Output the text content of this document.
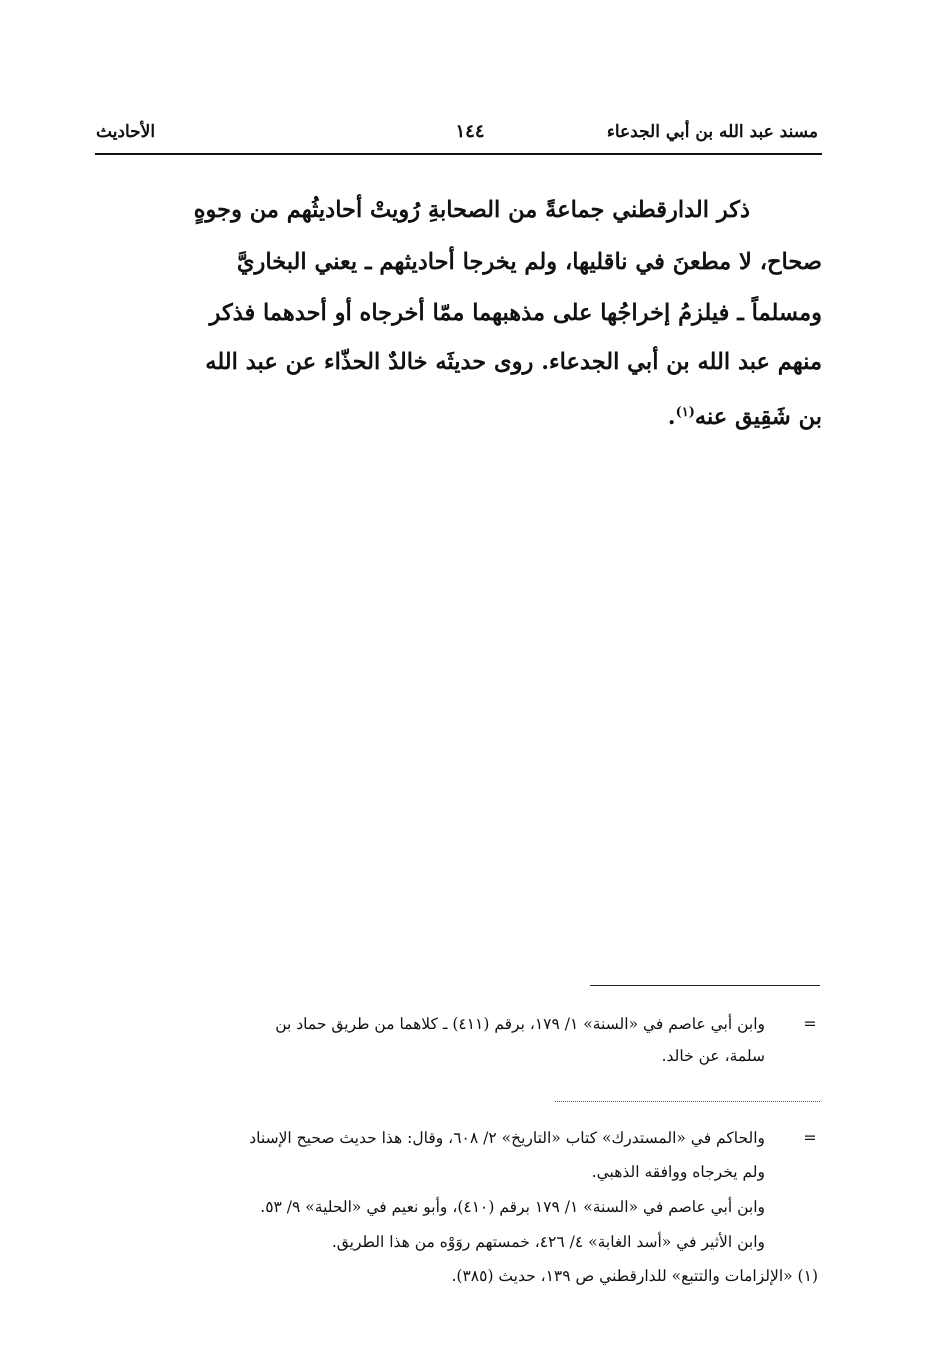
مسند عبد الله بن أبي الجدعاء
١٤٤
الأحاديث
ذكر الدارقطني جماعةً من الصحابةِ رُويتْ أحاديثُهم من وجوهٍ
صحاح، لا مطعنَ في ناقليها، ولم يخرجا أحاديثهم ـ يعني البخاريَّ
ومسلماً ـ فيلزمُ إخراجُها على مذهبهما ممّا أخرجاه أو أحدهما فذكر
منهم عبد الله بن أبي الجدعاء. روى حديثَه خالدٌ الحذّاء عن عبد الله
بن شَقِيق عنه$^{(١)}$.
=
وابن أبي عاصم في «السنة» ١/ ١٧٩، برقم (٤١١) ـ كلاهما من طريق حماد بن
سلمة، عن خالد.
=
والحاكم في «المستدرك» كتاب «التاريخ» ٢/ ٦٠٨، وقال: هذا حديث صحيح الإسناد
ولم يخرجاه ووافقه الذهبي.
وابن أبي عاصم في «السنة» ١/ ١٧٩ برقم (٤١٠)، وأبو نعيم في «الحلية» ٩/ ٥٣.
وابن الأثير في «أسد الغابة» ٤/ ٤٢٦، خمستهم روَوْه من هذا الطريق.
(١) «الإلزامات والتتبع» للدارقطني ص ١٣٩، حديث (٣٨٥).
